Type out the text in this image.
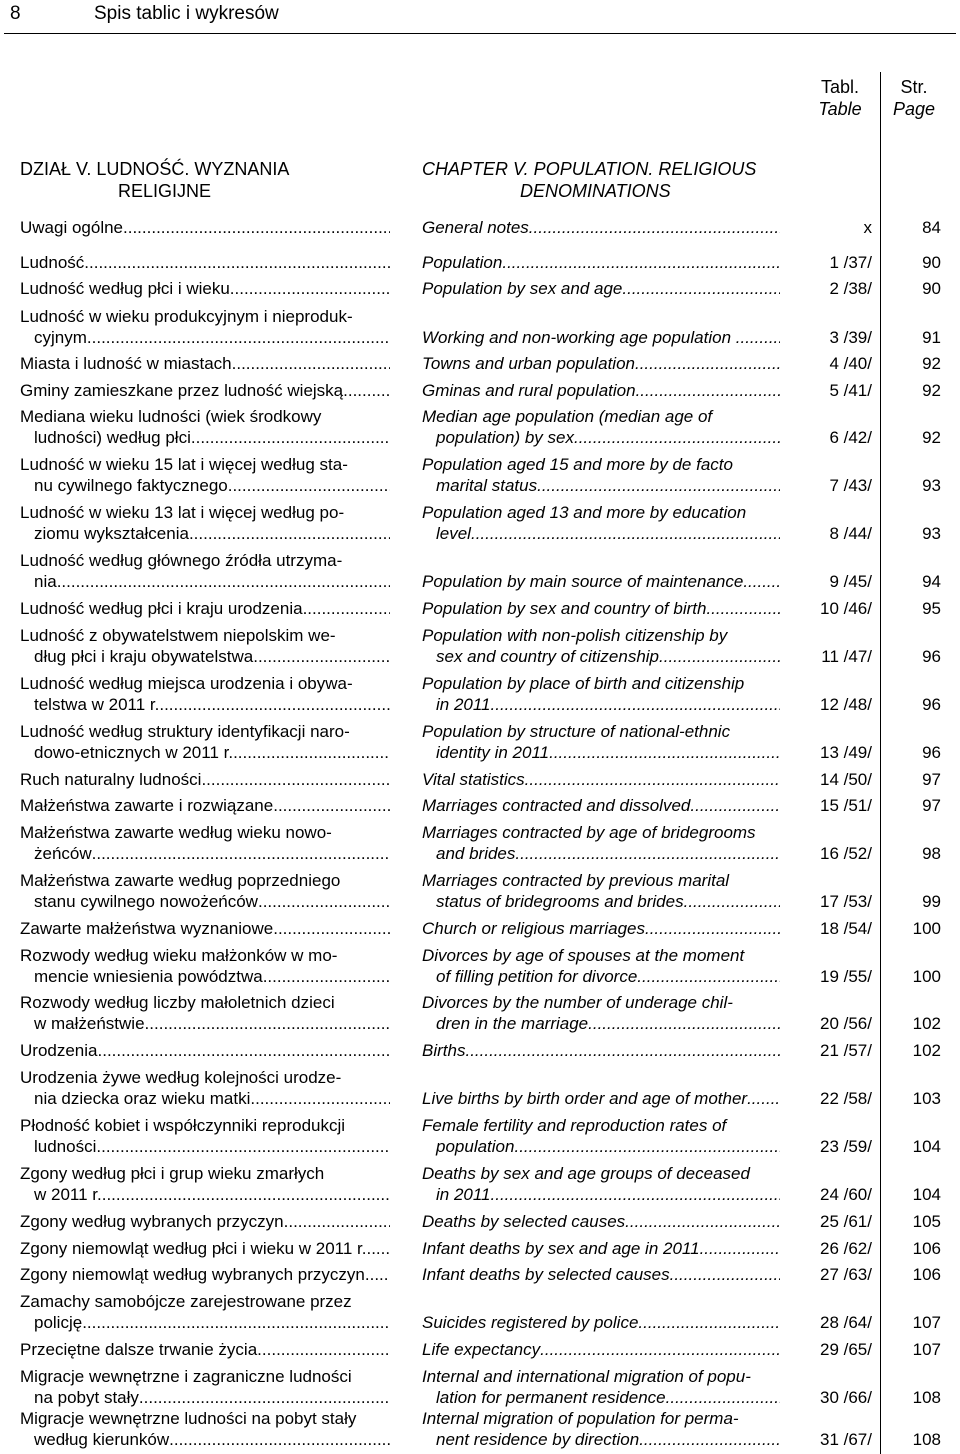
8	Spis tablic i wykresów
Tabl.
Table
Str.
Page
DZIAŁ V. LUDNOŚĆ. WYZNANIA
RELIGIJNE
CHAPTER V. POPULATION. RELIGIOUS
DENOMINATIONS
Uwagi ogólne .....	General notes .....	x	84
Ludność .....	Population .....	1 /37/	90
Ludność według płci i wieku .....	Population by sex and age .....	2 /38/	90
Ludność w wieku produkcyjnym i nieproduk-
cyjnym .....	Working and non-working age population . .....	3 /39/	91
Miasta i ludność w miastach .....	Towns and urban population .....	4 /40/	92
Gminy zamieszkane przez ludność wiejską .....	Gminas and rural population .....	5 /41/	92
Mediana wieku ludności (wiek środkowy
ludności) według płci
.....
Median age population (median age of
population) by sex .....	6 /42/	92
Ludność w wieku 15 lat i więcej według sta-
nu cywilnego faktycznego
.....
Population aged 15 and more by de facto
marital status .....	7 /43/	93
Ludność w wieku 13 lat i więcej według po-
ziomu wykształcenia
.....
Population aged 13 and more by education
level .....	8 /44/	93
Ludność według głównego źródła utrzyma-
nia .....	Population by main source of maintenance .....	9 /45/	94
Ludność według płci i kraju urodzenia .....	Population by sex and country of birth .....	10 /46/	95
Ludność z obywatelstwem niepolskim we-
dług płci i kraju obywatelstwa
.....
Population with non-polish citizenship by
sex and country of citizenship .....	11 /47/	96
Ludność według miejsca urodzenia i obywa-
telstwa w 2011 r.
.....
Population by place of birth and citizenship
in 2011 .....	12 /48/	96
Ludność według struktury identyfikacji naro-
dowo-etnicznych w 2011 r.
.....
Population by structure of national-ethnic
identity in 2011 .....	13 /49/	96
Ruch naturalny ludności .....	Vital statistics .....	14 /50/	97
Małżeństwa zawarte i rozwiązane .....	Marriages contracted and dissolved .....	15 /51/	97
Małżeństwa zawarte według wieku nowo-
żeńców
.....
Marriages contracted by age of bridegrooms
and brides .....	16 /52/	98
Małżeństwa zawarte według poprzedniego
stanu cywilnego nowożeńców
.....
Marriages contracted by previous marital
status of bridegrooms and brides .....	17 /53/	99
Zawarte małżeństwa wyznaniowe .....	Church or religious marriages .....	18 /54/ 100
Rozwody według wieku małżonków w mo-
mencie wniesienia powództwa
.....
Divorces by age of spouses at the moment
of filling petition for divorce .....	19 /55/ 100
Rozwody według liczby małoletnich dzieci
w małżeństwie
.....
Divorces by the number of underage chil-
dren in the marriage .....	20 /56/ 102
Urodzenia .....	Births .....	21 /57/ 102
Urodzenia żywe według kolejności urodze-
nia dziecka oraz wieku matki .....	Live births by birth order and age of mother .....	22 /58/ 103
Płodność kobiet i współczynniki reprodukcji
ludności
.....
Female fertility and reproduction rates of
population .....	23 /59/ 104
Zgony według płci i grup wieku zmarłych
w 2011 r.
.....
Deaths by sex and age groups of deceased
in 2011 .....	24 /60/ 104
Zgony według wybranych przyczyn .....	Deaths by selected causes .....	25 /61/ 105
Zgony niemowląt według płci i wieku w 2011 r. .....	Infant deaths by sex and age in 2011 .....	26 /62/ 106
Zgony niemowląt według wybranych przyczyn .....	Infant deaths by selected causes .....	27 /63/ 106
Zamachy samobójcze zarejestrowane przez
policję .....	Suicides registered by police .....	28 /64/ 107
Przeciętne dalsze trwanie życia .....	Life expectancy .....	29 /65/ 107
Migracje wewnętrzne i zagraniczne ludności
na pobyt stały
.....
Internal and international migration of popu-
lation for permanent residence .....	30 /66/ 108
Migracje wewnętrzne ludności na pobyt stały
według kierunków
.....
Internal migration of population for perma-
nent residence by direction .....	31 /67/ 108
